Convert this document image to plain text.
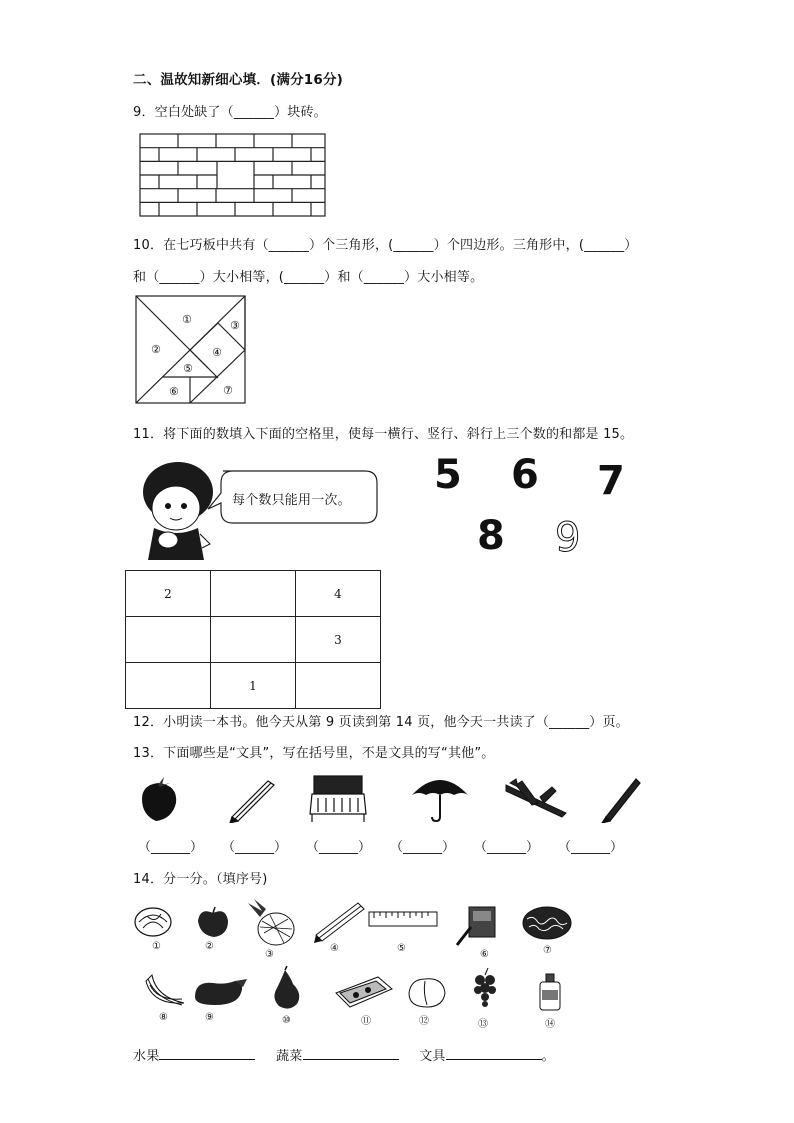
二、温故知新细心填．(满分16分)
9．空白处缺了（______）块砖。
10．在七巧板中共有（______）个三角形，(______）个四边形。三角形中，(______）
和（______）大小相等，(______）和（______）大小相等。
①
②
③
④
⑤
⑥	⑦
11．将下面的数填入下面的空格里，使每一横行、竖行、斜行上三个数的和都是 15。
每个数只能用一次。
5 6 7
8 9
2		4
		3
	1	
12．小明读一本书。他今天从第 9 页读到第 14 页，他今天一共读了（______）页。
13．下面哪些是“文具”，写在括号里，不是文具的写“其他”。
（______） （______） （______） （______） （______） （______）
14．分一分。（填序号)
①	②
③
④	⑤
⑥	⑦
⑧	⑨	⑩	⑪	⑫	⑬	⑭
水果	蔬菜	文具	。
